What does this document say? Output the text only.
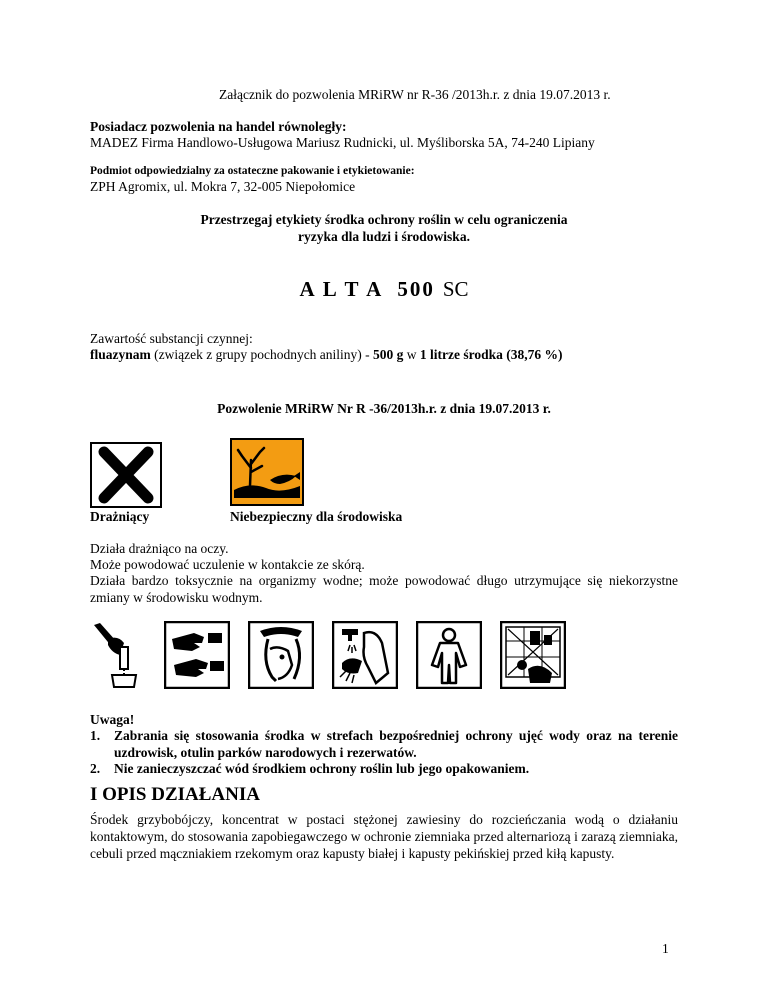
Załącznik do pozwolenia MRiRW nr R-36 /2013h.r. z dnia 19.07.2013 r.
Posiadacz pozwolenia na handel równoległy:
MADEZ Firma Handlowo-Usługowa Mariusz Rudnicki, ul. Myśliborska 5A, 74-240 Lipiany
Podmiot odpowiedzialny za ostateczne pakowanie i etykietowanie:
ZPH Agromix, ul. Mokra 7, 32-005 Niepołomice
Przestrzegaj etykiety środka ochrony roślin w celu ograniczenia
ryzyka dla ludzi i środowiska.
A L T A 500 SC
Zawartość substancji czynnej:
fluazynam (związek z grupy pochodnych aniliny) - 500 g w 1 litrze środka (38,76 %)
Pozwolenie MRiRW Nr R -36/2013h.r. z dnia 19.07.2013 r.
Drażniący	Niebezpieczny dla środowiska
Działa drażniąco na oczy.
Może powodować uczulenie w kontakcie ze skórą.
Działa bardzo toksycznie na organizmy wodne; może powodować długo utrzymujące się niekorzystne zmiany w środowisku wodnym.
Uwaga!
1. Zabrania się stosowania środka w strefach bezpośredniej ochrony ujęć wody oraz na terenie uzdrowisk, otulin parków narodowych i rezerwatów.
2. Nie zanieczyszczać wód środkiem ochrony roślin lub jego opakowaniem.
I OPIS DZIAŁANIA
Środek grzybobójczy, koncentrat w postaci stężonej zawiesiny do rozcieńczania wodą o działaniu kontaktowym, do stosowania zapobiegawczego w ochronie ziemniaka przed alternariozą i zarazą ziemniaka, cebuli przed mączniakiem rzekomym oraz kapusty białej i kapusty pekińskiej przed kiłą kapusty.
1
